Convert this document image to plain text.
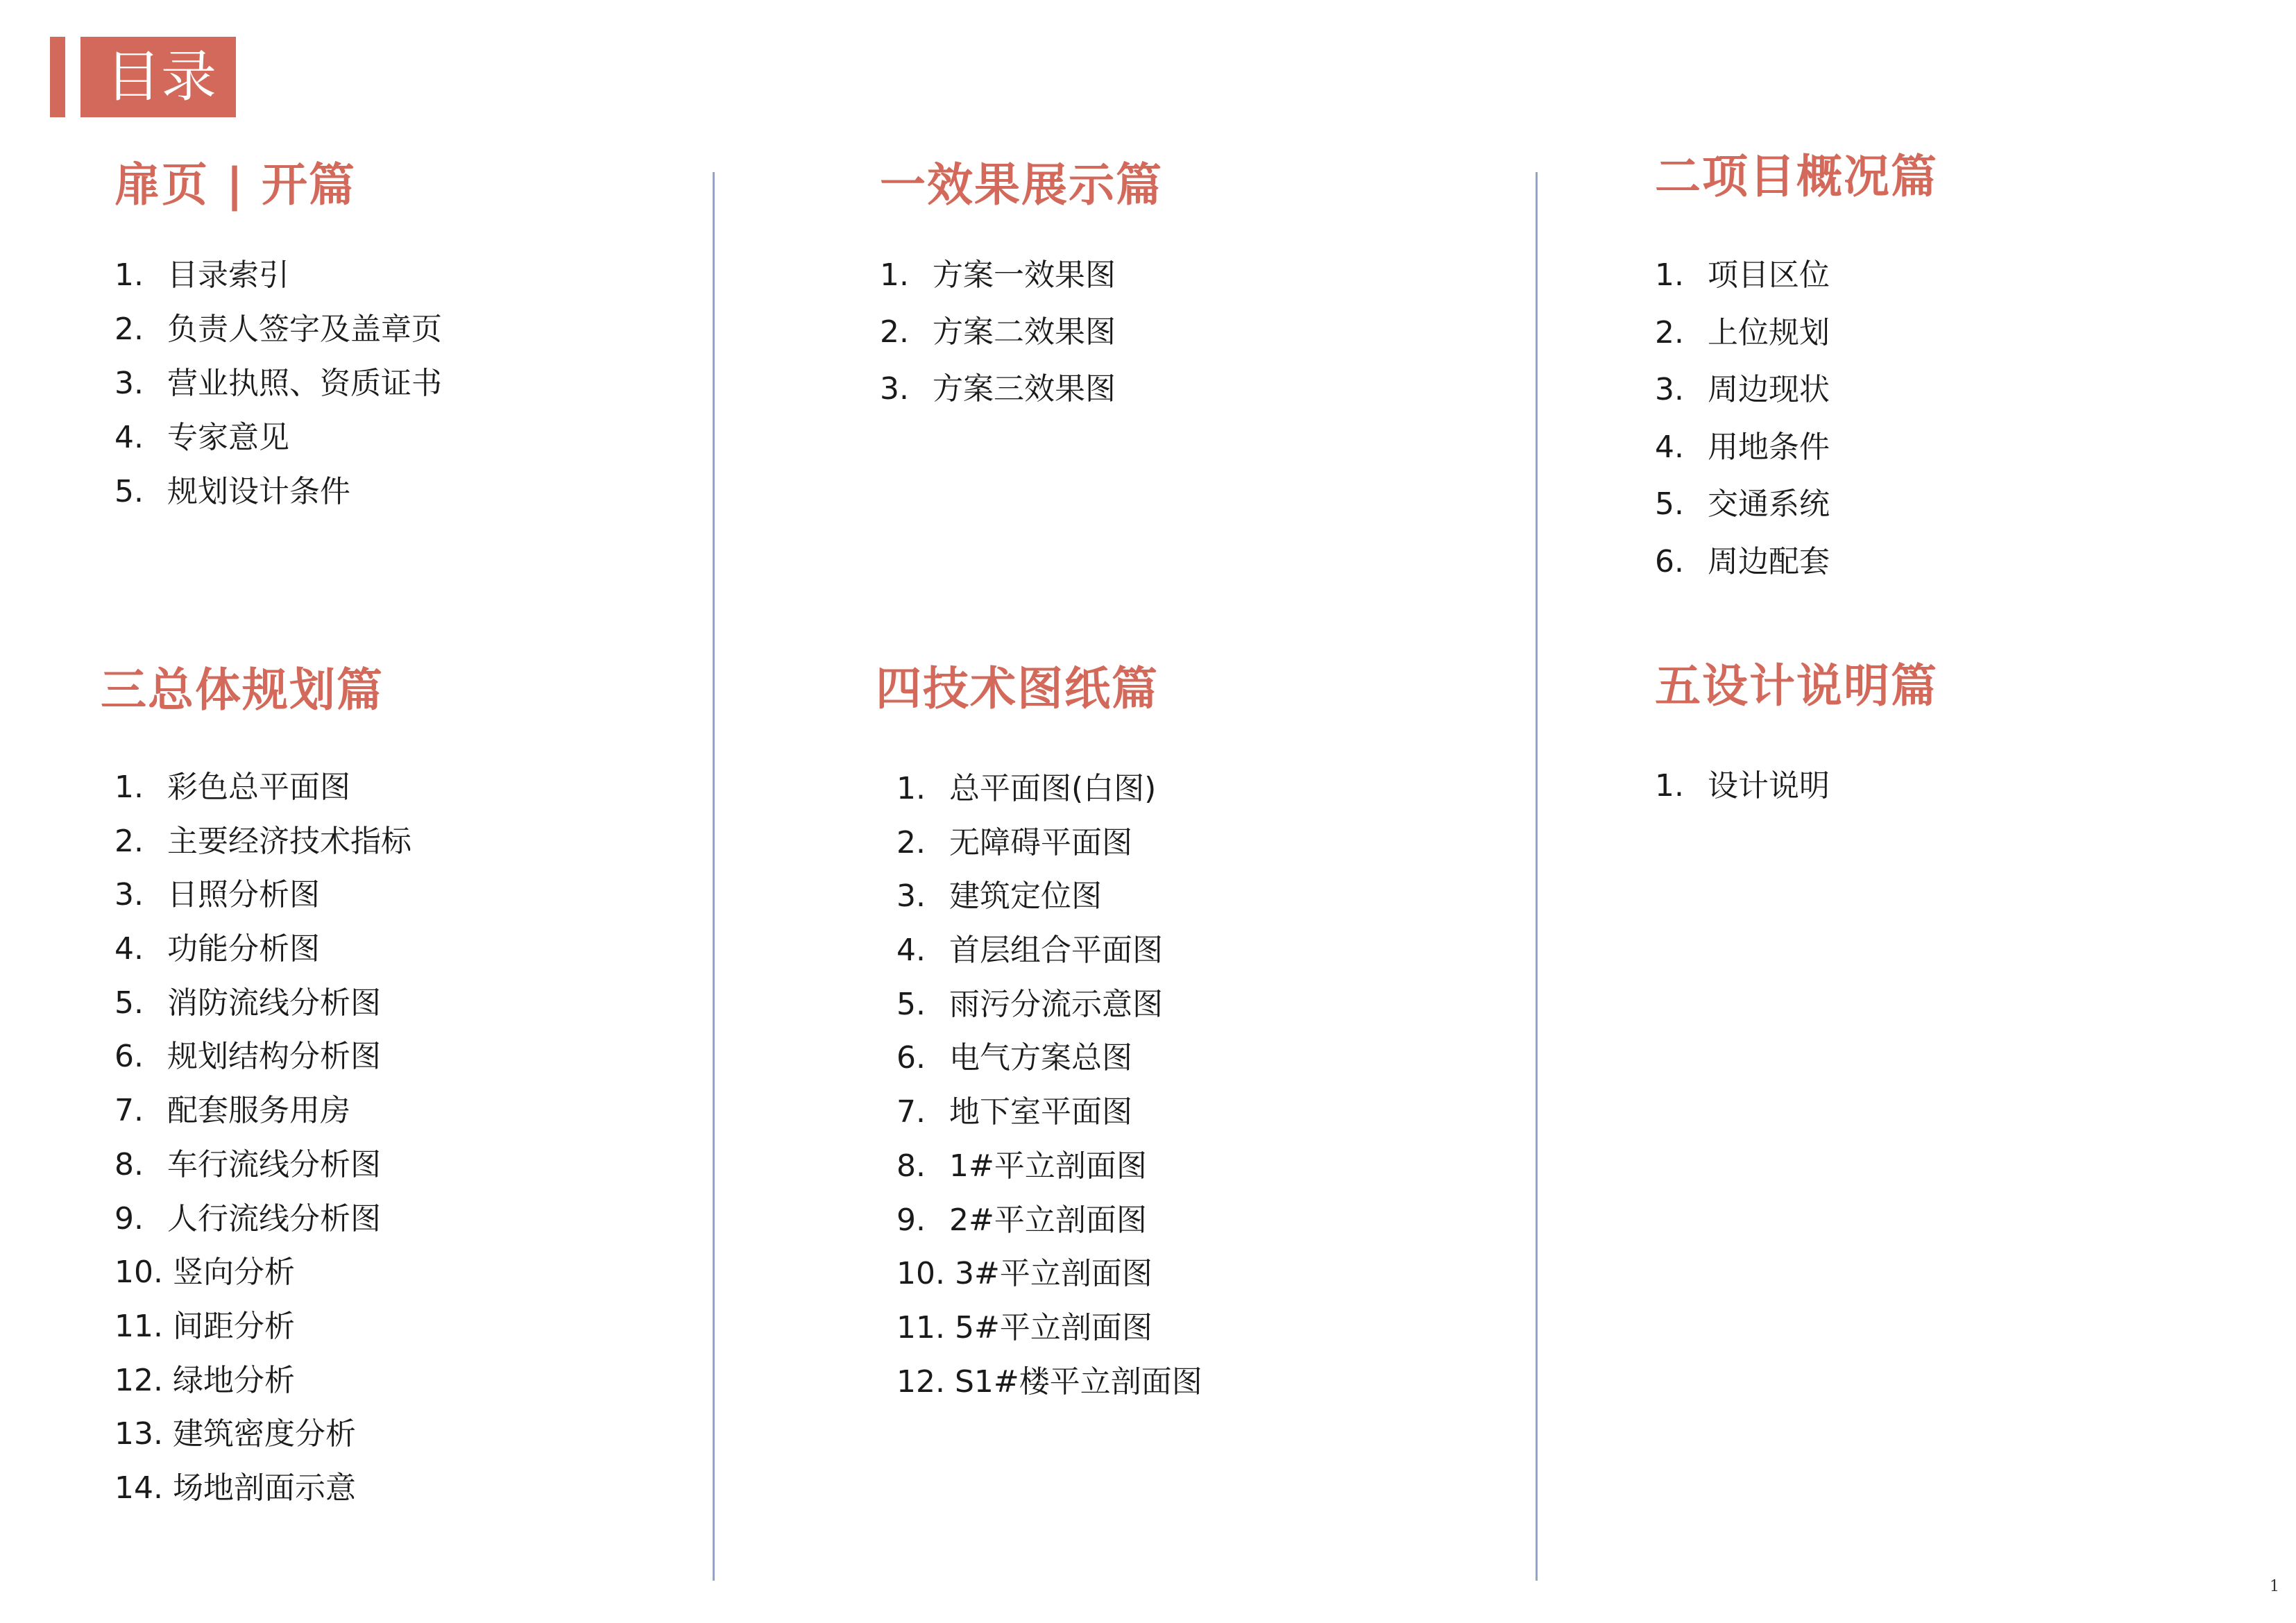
目录
扉页 | 开篇
1. 目录索引
2. 负责人签字及盖章页
3. 营业执照、资质证书
4. 专家意见
5. 规划设计条件
一效果展示篇
1. 方案一效果图
2. 方案二效果图
3. 方案三效果图
二项目概况篇
1. 项目区位
2. 上位规划
3. 周边现状
4. 用地条件
5. 交通系统
6. 周边配套
三总体规划篇
1. 彩色总平面图
2. 主要经济技术指标
3. 日照分析图
4. 功能分析图
5. 消防流线分析图
6. 规划结构分析图
7. 配套服务用房
8. 车行流线分析图
9. 人行流线分析图
10. 竖向分析
11. 间距分析
12. 绿地分析
13. 建筑密度分析
14. 场地剖面示意
四技术图纸篇
1. 总平面图(白图)
2. 无障碍平面图
3. 建筑定位图
4. 首层组合平面图
5. 雨污分流示意图
6. 电气方案总图
7. 地下室平面图
8. 1#平立剖面图
9. 2#平立剖面图
10. 3#平立剖面图
11. 5#平立剖面图
12. S1#楼平立剖面图
五设计说明篇
1. 设计说明
1
